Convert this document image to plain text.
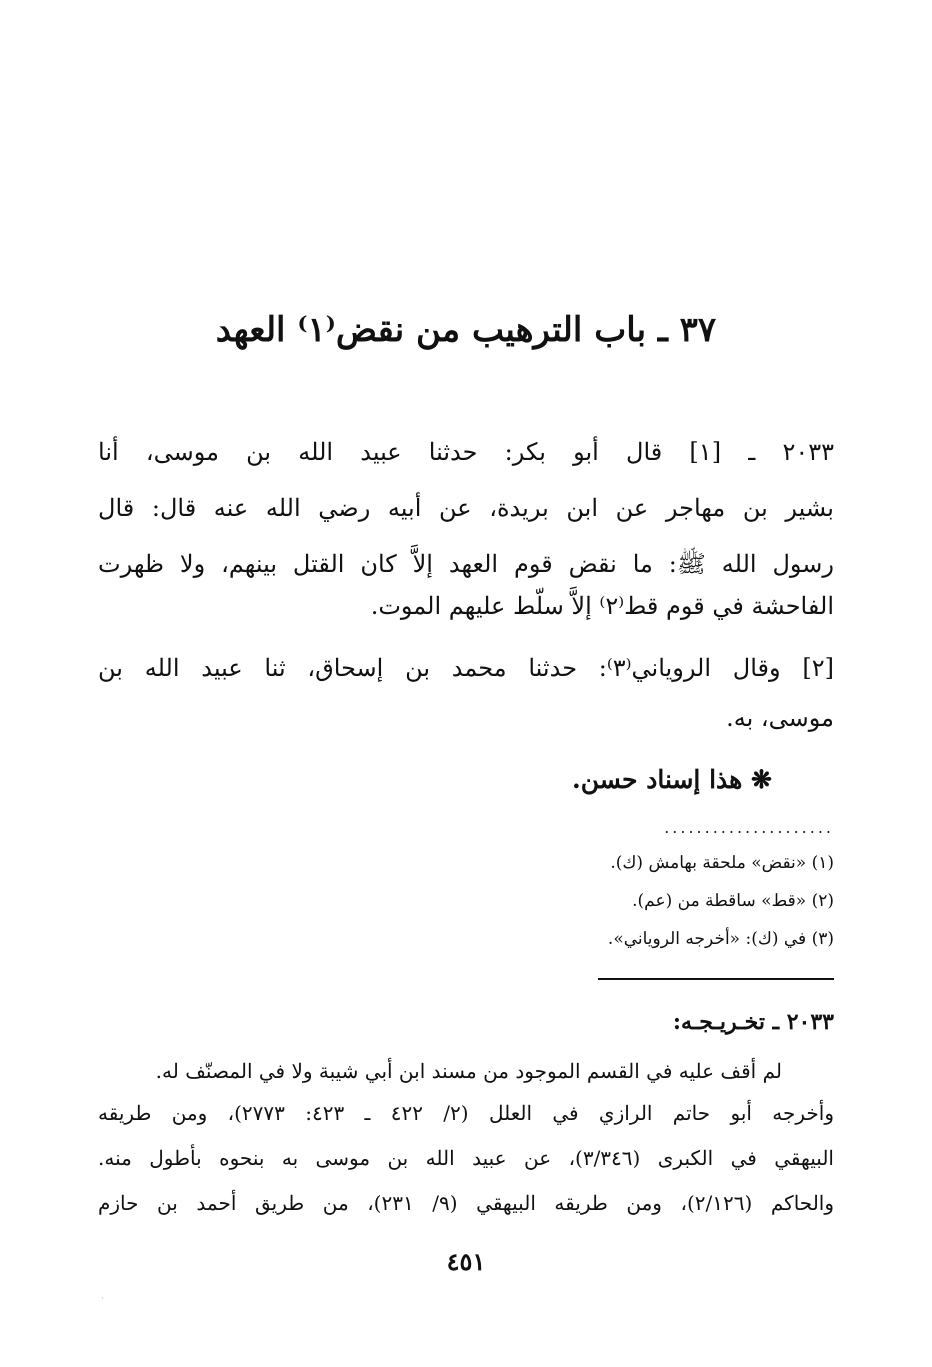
٣٧ ـ باب الترهيب من نقض⁽١⁾ العهد
٢٠٣٣ ـ [١] قال أبو بكر: حدثنا عبيد الله بن موسى، أنا
بشير بن مهاجر عن ابن بريدة، عن أبيه رضي الله عنه قال: قال
رسول الله ﷺ: ما نقض قوم العهد إلاَّ كان القتل بينهم، ولا ظهرت
الفاحشة في قوم قط⁽٢⁾ إلاَّ سلّط عليهم الموت.
[٢] وقال الروياني⁽٣⁾: حدثنا محمد بن إسحاق، ثنا عبيد الله بن
موسى، به.
❋ هذا إسناد حسن.
.....................
(١) «نقض» ملحقة بهامش (ك).
(٢) «قط» ساقطة من (عم).
(٣) في (ك): «أخرجه الروياني».
٢٠٣٣ ـ تخـريـجـه:
لم أقف عليه في القسم الموجود من مسند ابن أبي شيبة ولا في المصنّف له.
وأخرجه أبو حاتم الرازي في العلل (٢/ ٤٢٢ ـ ٤٢٣: ٢٧٧٣)، ومن طريقه
البيهقي في الكبرى (٣/٣٤٦)، عن عبيد الله بن موسى به بنحوه بأطول منه.
والحاكم (٢/١٢٦)، ومن طريقه البيهقي (٩/ ٢٣١)، من طريق أحمد بن حازم
٤٥١
·
